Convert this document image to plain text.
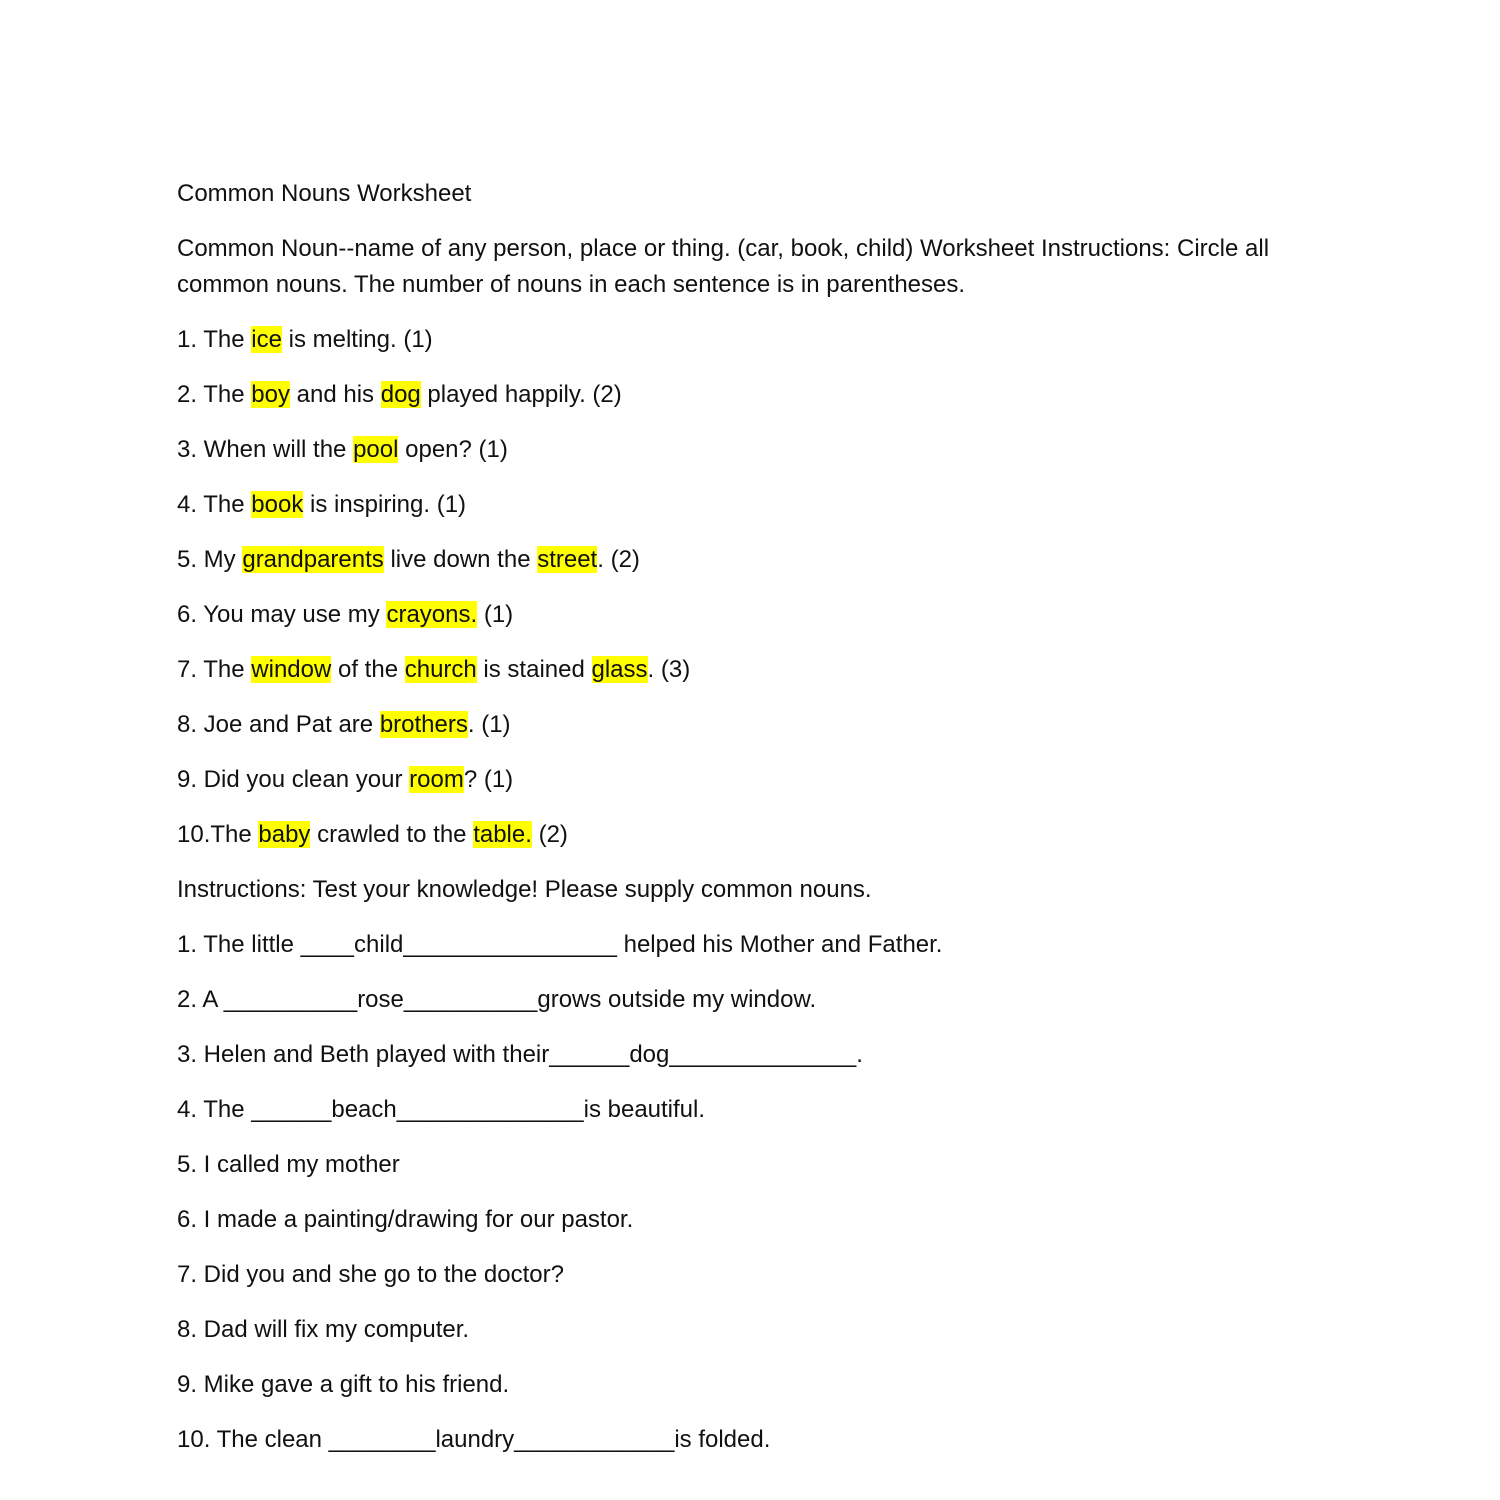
Common Nouns Worksheet

Common Noun--name of any person, place or thing. (car, book, child) Worksheet Instructions: Circle all

common nouns. The number of nouns in each sentence is in parentheses.

1. The ice is melting. (1)

2. The boy and his dog played happily. (2)

3. When will the pool open? (1)

4. The book is inspiring. (1)

5. My grandparents live down the street. (2)

6. You may use my crayons. (1)

7. The window of the church is stained glass. (3)

8. Joe and Pat are brothers. (1)

9. Did you clean your room? (1)

10.The baby crawled to the table. (2)

Instructions: Test your knowledge! Please supply common nouns.

1. The little ____child________________ helped his Mother and Father.

2. A __________rose__________grows outside my window.

3. Helen and Beth played with their______dog______________.

4. The ______beach______________is beautiful.

5. I called my mother

6. I made a painting/drawing for our pastor.

7. Did you and she go to the doctor?

8. Dad will fix my computer.

9. Mike gave a gift to his friend.

10. The clean ________laundry____________is folded.
